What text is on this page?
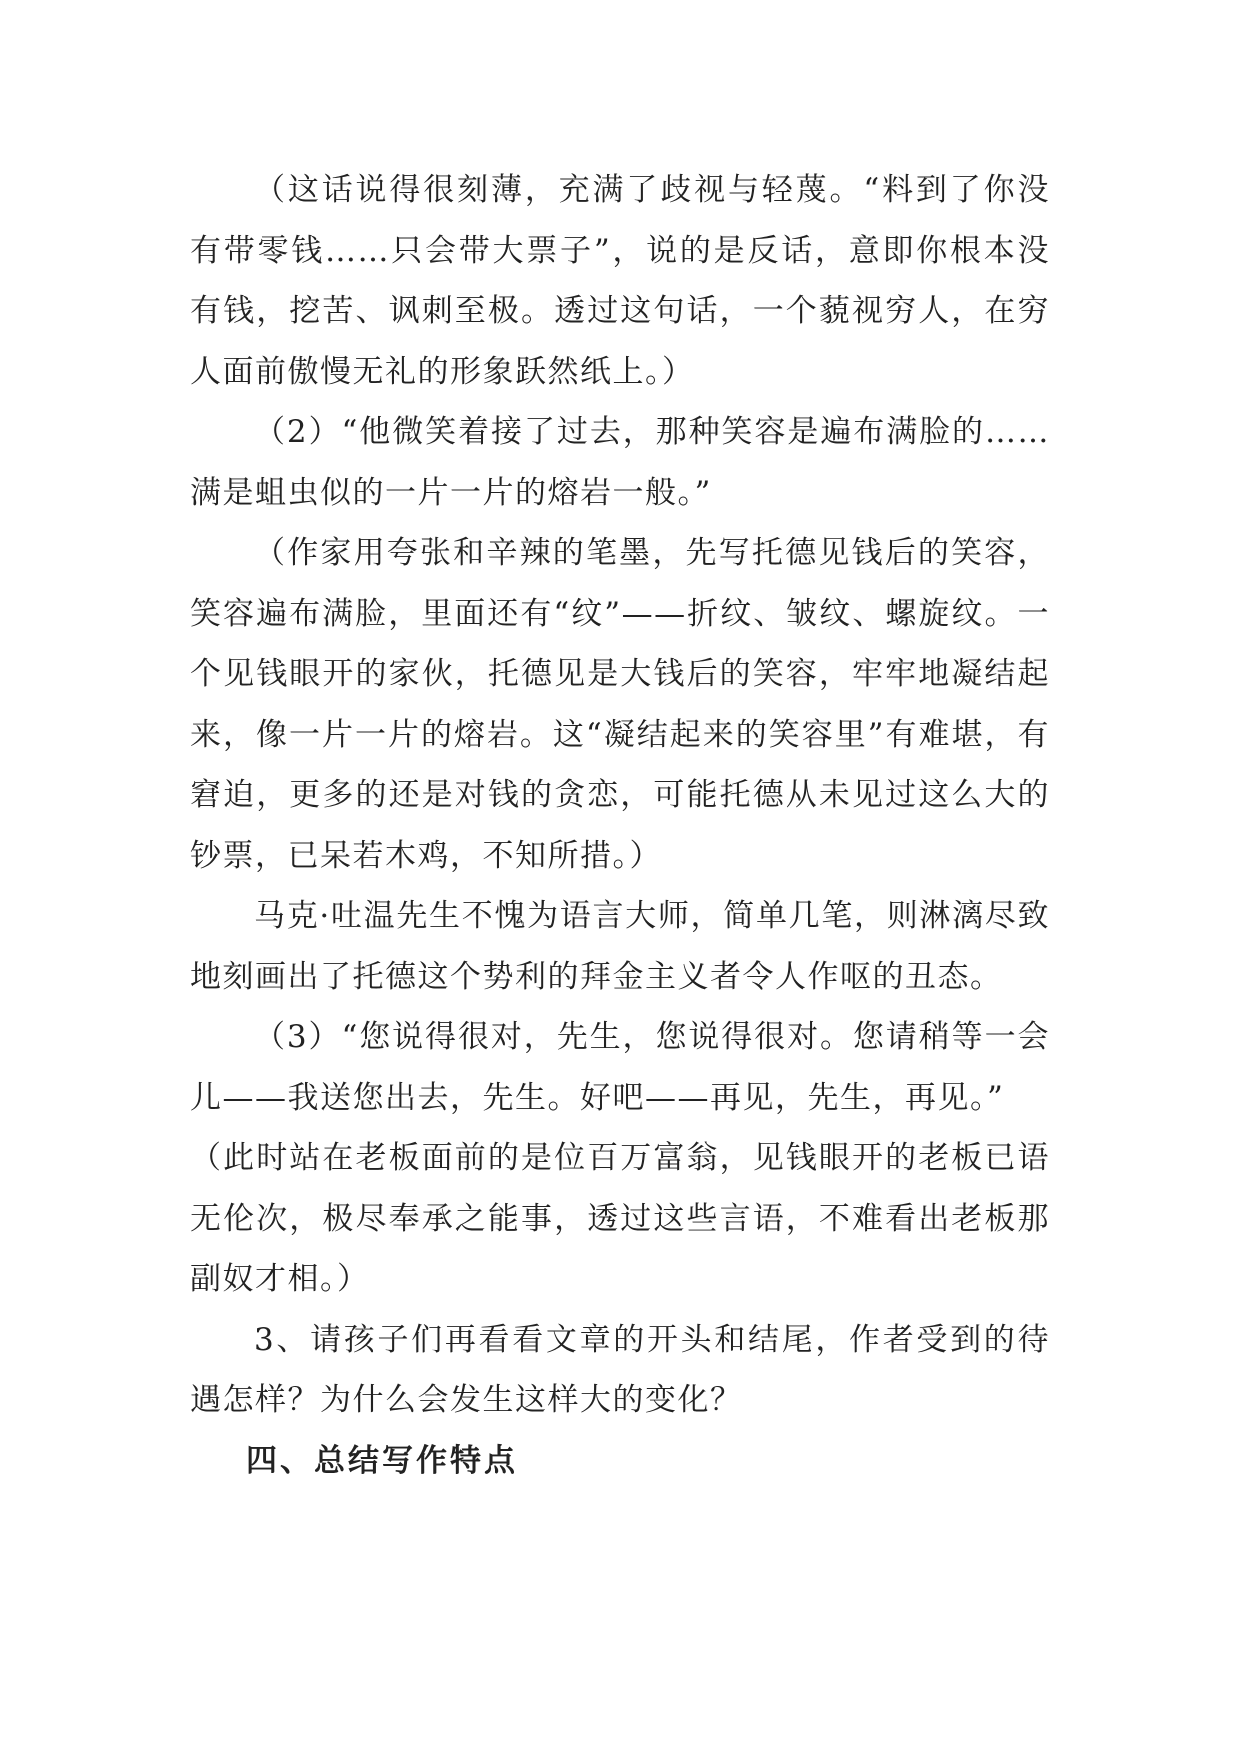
（这话说得很刻薄，充满了歧视与轻蔑。“料到了你没有带零钱……只会带大票子”，说的是反话，意即你根本没有钱，挖苦、讽刺至极。透过这句话，一个藐视穷人，在穷人面前傲慢无礼的形象跃然纸上。）

（2）“他微笑着接了过去，那种笑容是遍布满脸的……满是蛆虫似的一片一片的熔岩一般。”

（作家用夸张和辛辣的笔墨，先写托德见钱后的笑容，笑容遍布满脸，里面还有“纹”——折纹、皱纹、螺旋纹。一个见钱眼开的家伙，托德见是大钱后的笑容，牢牢地凝结起来，像一片一片的熔岩。这“凝结起来的笑容里”有难堪，有窘迫，更多的还是对钱的贪恋，可能托德从未见过这么大的钞票，已呆若木鸡，不知所措。）

马克·吐温先生不愧为语言大师，简单几笔，则淋漓尽致地刻画出了托德这个势利的拜金主义者令人作呕的丑态。

（3）“您说得很对，先生，您说得很对。您请稍等一会儿——我送您出去，先生。好吧——再见，先生，再见。”

（此时站在老板面前的是位百万富翁，见钱眼开的老板已语无伦次，极尽奉承之能事，透过这些言语，不难看出老板那副奴才相。）

3、请孩子们再看看文章的开头和结尾，作者受到的待遇怎样？为什么会发生这样大的变化？

四、总结写作特点
